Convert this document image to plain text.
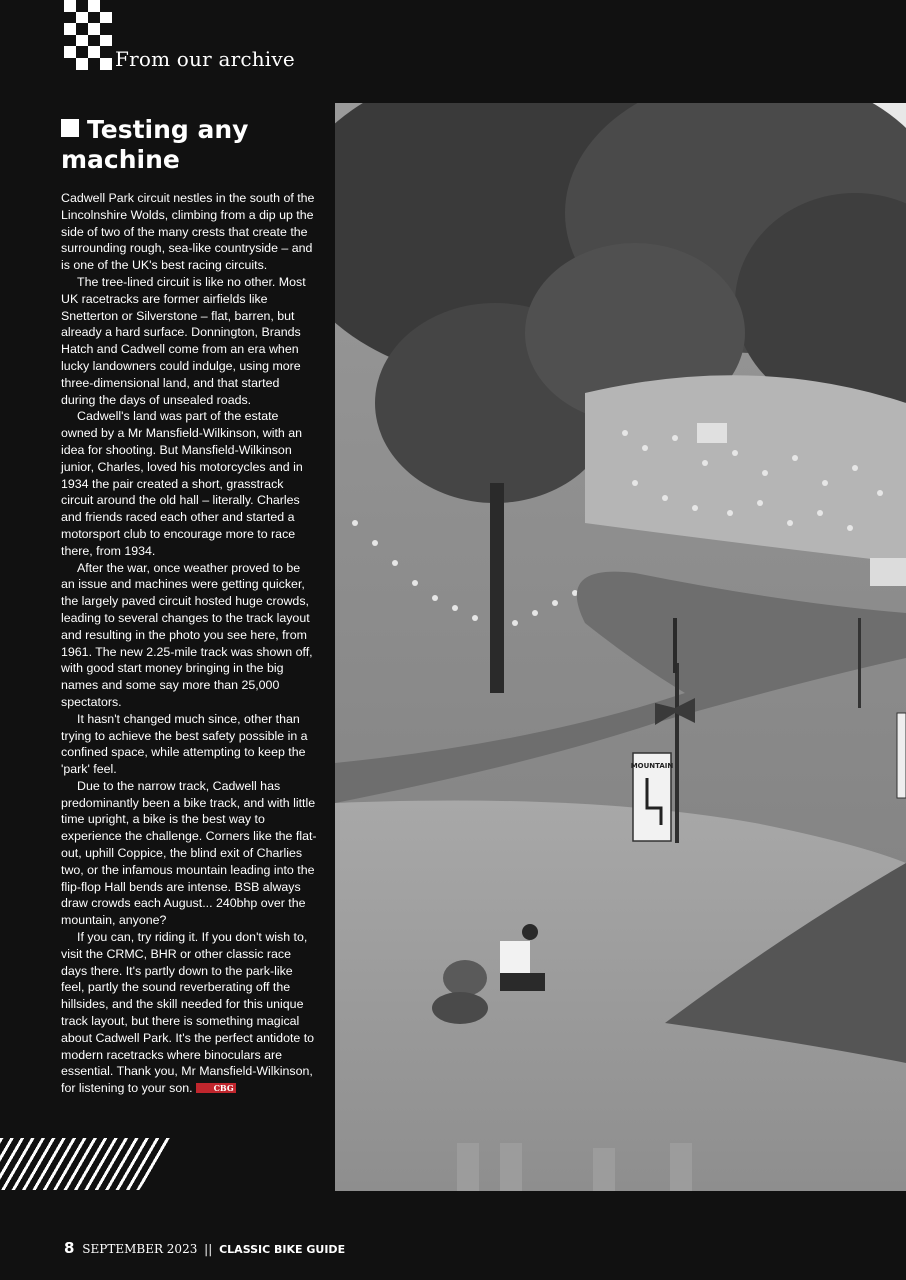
From our archive
Testing any machine

Cadwell Park circuit nestles in the south of the Lincolnshire Wolds, climbing from a dip up the side of two of the many crests that create the surrounding rough, sea-like countryside – and is one of the UK's best racing circuits.

The tree-lined circuit is like no other. Most UK racetracks are former airfields like Snetterton or Silverstone – flat, barren, but already a hard surface. Donnington, Brands Hatch and Cadwell come from an era when lucky landowners could indulge, using more three-dimensional land, and that started during the days of unsealed roads.

Cadwell's land was part of the estate owned by a Mr Mansfield-Wilkinson, with an idea for shooting. But Mansfield-Wilkinson junior, Charles, loved his motorcycles and in 1934 the pair created a short, grasstrack circuit around the old hall – literally. Charles and friends raced each other and started a motorsport club to encourage more to race there, from 1934.

After the war, once weather proved to be an issue and machines were getting quicker, the largely paved circuit hosted huge crowds, leading to several changes to the track layout and resulting in the photo you see here, from 1961. The new 2.25-mile track was shown off, with good start money bringing in the big names and some say more than 25,000 spectators.

It hasn't changed much since, other than trying to achieve the best safety possible in a confined space, while attempting to keep the 'park' feel.

Due to the narrow track, Cadwell has predominantly been a bike track, and with little time upright, a bike is the best way to experience the challenge. Corners like the flat-out, uphill Coppice, the blind exit of Charlies two, or the infamous mountain leading into the flip-flop Hall bends are intense. BSB always draw crowds each August... 240bhp over the mountain, anyone?

If you can, try riding it. If you don't wish to, visit the CRMC, BHR or other classic race days there. It's partly down to the park-like feel, partly the sound reverberating off the hillsides, and the skill needed for this unique track layout, but there is something magical about Cadwell Park. It's the perfect antidote to modern racetracks where binoculars are essential. Thank you, Mr Mansfield-Wilkinson, for listening to your son.	CBG

MOUNTAIN
8 SEPTEMBER 2023 || CLASSIC BIKE GUIDE
